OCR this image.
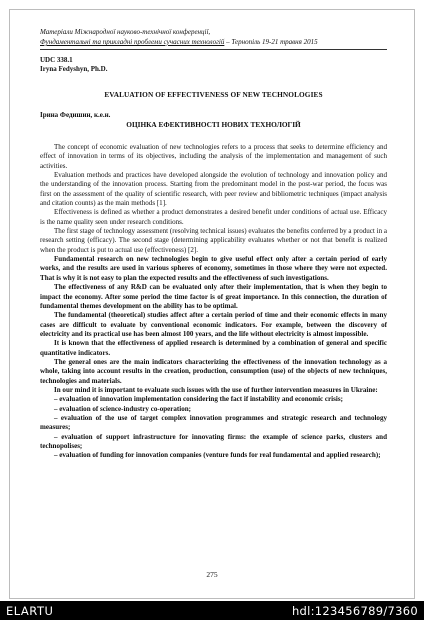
Матеріали Міжнародної науково-технічної конференції,
Фундаментальні та прикладні проблеми сучасних технологій – Тернопіль 19-21 травня 2015
UDC 338.1
Iryna Fedyshyn, Ph.D.
EVALUATION OF EFFECTIVENESS OF NEW TECHNOLOGIES
Ірина Федишин, к.е.н.
ОЦІНКА ЕФЕКТИВНОСТІ НОВИХ ТЕХНОЛОГІЙ

The concept of economic evaluation of new technologies refers to a process that seeks to determine efficiency and effect of innovation in terms of its objectives, including the analysis of the implementation and management of such activities.

Evaluation methods and practices have developed alongside the evolution of technology and innovation policy and the understanding of the innovation process. Starting from the predominant model in the post-war period, the focus was first on the assessment of the quality of scientific research, with peer review and bibliometric techniques (impact analysis and citation counts) as the main methods [1].

Effectiveness is defined as whether a product demonstrates a desired benefit under conditions of actual use. Efficacy is the name quality seen under research conditions.

The first stage of technology assessment (resolving technical issues) evaluates the benefits conferred by a product in a research setting (efficacy). The second stage (determining applicability evaluates whether or not that benefit is realized when the product is put to actual use (effectiveness) [2].

Fundamental research on new technologies begin to give useful effect only after a certain period of early works, and the results are used in various spheres of economy, sometimes in those where they were not expected. That is why it is not easy to plan the expected results and the effectiveness of such investigations.

The effectiveness of any R&D can be evaluated only after their implementation, that is when they begin to impact the economy. After some period the time factor is of great importance. In this connection, the duration of fundamental themes development on the ability has to be optimal.

The fundamental (theoretical) studies affect after a certain period of time and their economic effects in many cases are difficult to evaluate by conventional economic indicators. For example, between the discovery of electricity and its practical use has been almost 100 years, and the life without electricity is almost impossible.

It is known that the effectiveness of applied research is determined by a combination of general and specific quantitative indicators.

The general ones are the main indicators characterizing the effectiveness of the innovation technology as a whole, taking into account results in the creation, production, consumption (use) of the objects of new techniques, technologies and materials.

In our mind it is important to evaluate such issues with the use of further intervention measures in Ukraine:

– evaluation of innovation implementation considering the fact if instability and economic crisis;

– evaluation of science-industry co-operation;

– evaluation of the use of target complex innovation programmes and strategic research and technology measures;

– evaluation of support infrastructure for innovating firms: the example of science parks, clusters and technopolises;

– evaluation of funding for innovation companies (venture funds for real fundamental and applied research);

275
ELARTU	hdl:123456789/7360
